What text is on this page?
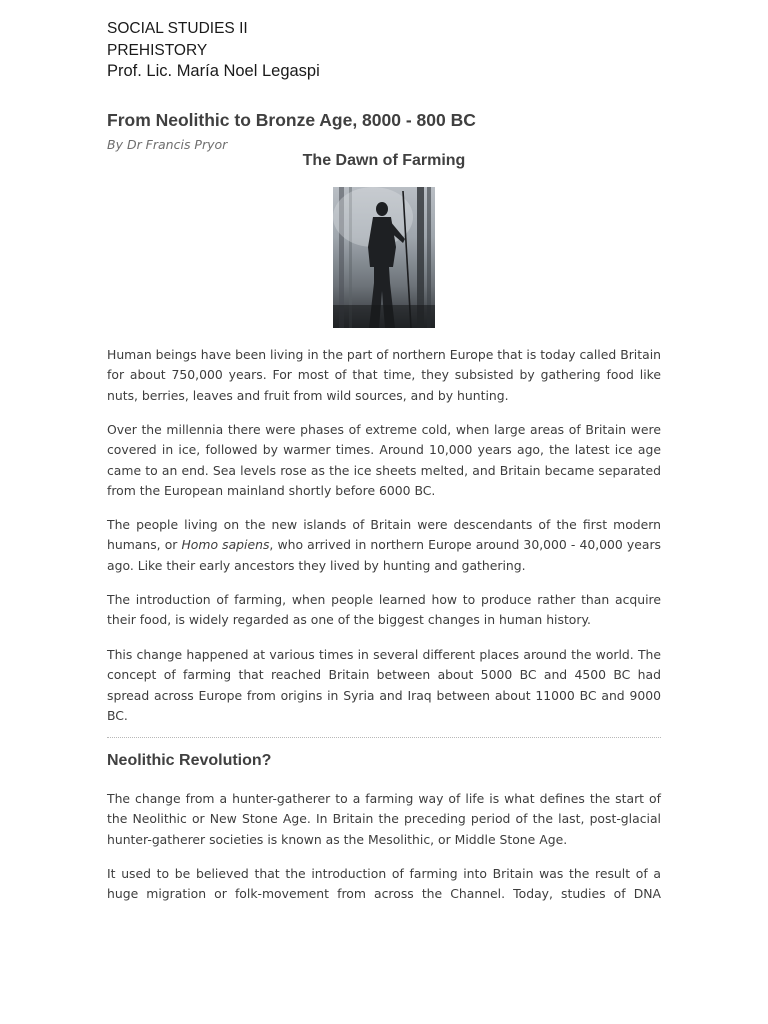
SOCIAL STUDIES II
PREHISTORY
Prof. Lic. María Noel Legaspi
From Neolithic to Bronze Age, 8000 - 800 BC
By Dr Francis Pryor
The Dawn of Farming

Human beings have been living in the part of northern Europe that is today called Britain for about 750,000 years. For most of that time, they subsisted by gathering food like nuts, berries, leaves and fruit from wild sources, and by hunting.

Over the millennia there were phases of extreme cold, when large areas of Britain were covered in ice, followed by warmer times. Around 10,000 years ago, the latest ice age came to an end. Sea levels rose as the ice sheets melted, and Britain became separated from the European mainland shortly before 6000 BC.

The people living on the new islands of Britain were descendants of the first modern humans, or Homo sapiens, who arrived in northern Europe around 30,000 - 40,000 years ago. Like their early ancestors they lived by hunting and gathering.

The introduction of farming, when people learned how to produce rather than acquire their food, is widely regarded as one of the biggest changes in human history.

This change happened at various times in several different places around the world. The concept of farming that reached Britain between about 5000 BC and 4500 BC had spread across Europe from origins in Syria and Iraq between about 11000 BC and 9000 BC.

Neolithic Revolution?

The change from a hunter-gatherer to a farming way of life is what defines the start of the Neolithic or New Stone Age. In Britain the preceding period of the last, post-glacial hunter-gatherer societies is known as the Mesolithic, or Middle Stone Age.

It used to be believed that the introduction of farming into Britain was the result of a huge migration or folk-movement from across the Channel. Today, studies of DNA
